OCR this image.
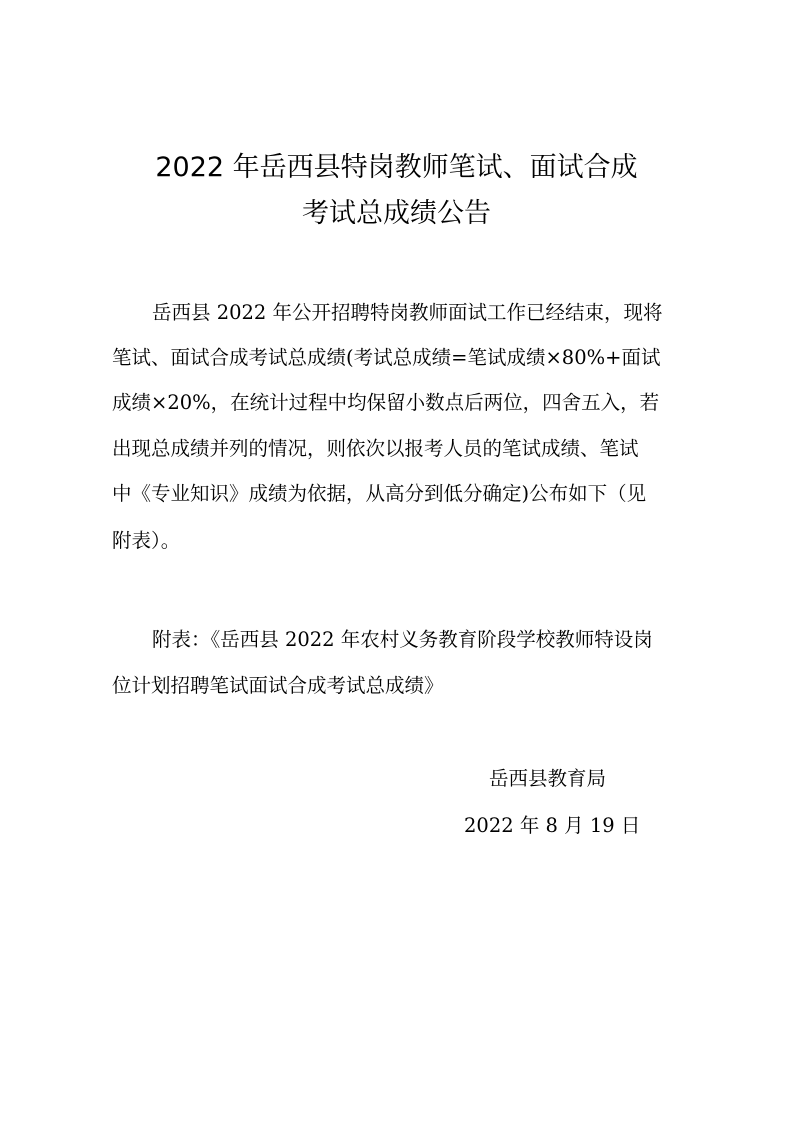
2022 年岳西县特岗教师笔试、面试合成
考试总成绩公告
岳西县 2022 年公开招聘特岗教师面试工作已经结束，现将
笔试、面试合成考试总成绩(考试总成绩=笔试成绩×80%+面试
成绩×20%，在统计过程中均保留小数点后两位，四舍五入，若
出现总成绩并列的情况，则依次以报考人员的笔试成绩、笔试
中《专业知识》成绩为依据，从高分到低分确定)公布如下（见
附表）。
附表：《岳西县 2022 年农村义务教育阶段学校教师特设岗
位计划招聘笔试面试合成考试总成绩》
岳西县教育局
2022 年 8 月 19 日
